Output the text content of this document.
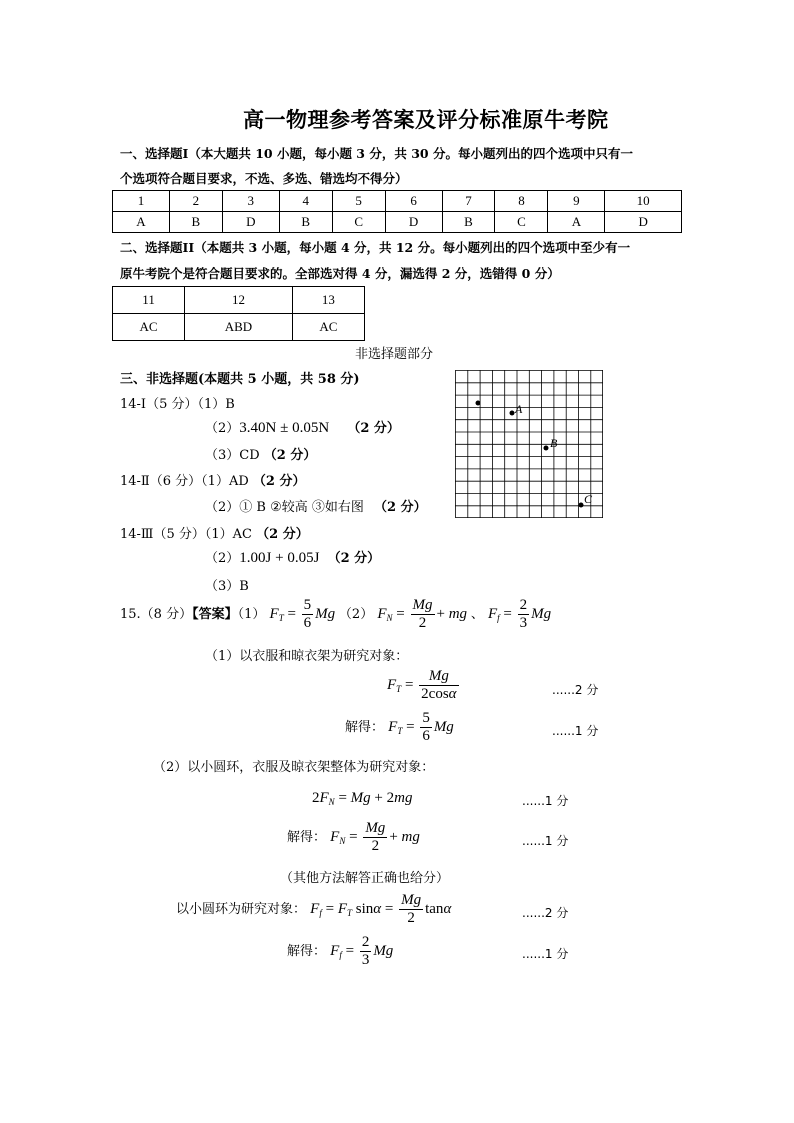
高一物理参考答案及评分标准原牛考院
一、选择题I（本大题共 10 小题，每小题 3 分，共 30 分。每小题列出的四个选项中只有一
个选项符合题目要求，不选、多选、错选均不得分）
1	2	3	4	5	6	7	8	9	10
A	B	D	B	C	D	B	C	A	D
二、选择题II（本题共 3 小题，每小题 4 分，共 12 分。每小题列出的四个选项中至少有一
原牛考院个是符合题目要求的。全部选对得 4 分，漏选得 2 分，选错得 0 分）
11	12	13
AC	ABD	AC
非选择题部分
三、非选择题(本题共 5 小题，共 58 分)
A
B
C
14-Ⅰ（5 分）（1）B
（2）3.40N ± 0.05N （2 分）
（3）CD （2 分）
14-Ⅱ（6 分）（1）AD （2 分）
（2）① B ②较高 ③如右图 （2 分）
14-Ⅲ（5 分）（1）AC （2 分）
（2）1.00J + 0.05J （2 分）
（3）B
15.（8 分）【答案】（1） $F_T = \frac{5}{6}$ Mg （2） $F_N = \frac{Mg}{2}$ + mg 、 $F_f = \frac{2}{3}$ Mg
（1）以衣服和晾衣架为研究对象：
$F_T = \frac{Mg}{2\cos\alpha}$	......2 分
解得： $F_T = \frac{5}{6}$ Mg	......1 分
（2）以小圆环，衣服及晾衣架整体为研究对象：
$2F_N = Mg + 2mg$	......1 分
解得： $F_N = \frac{Mg}{2}$ + mg	......1 分
（其他方法解答正确也给分）
以小圆环为研究对象： $F_f = F_T$ $\sin\alpha = \frac{Mg}{2}$ tanα	......2 分
解得： $F_f = \frac{2}{3}$ Mg	......1 分
